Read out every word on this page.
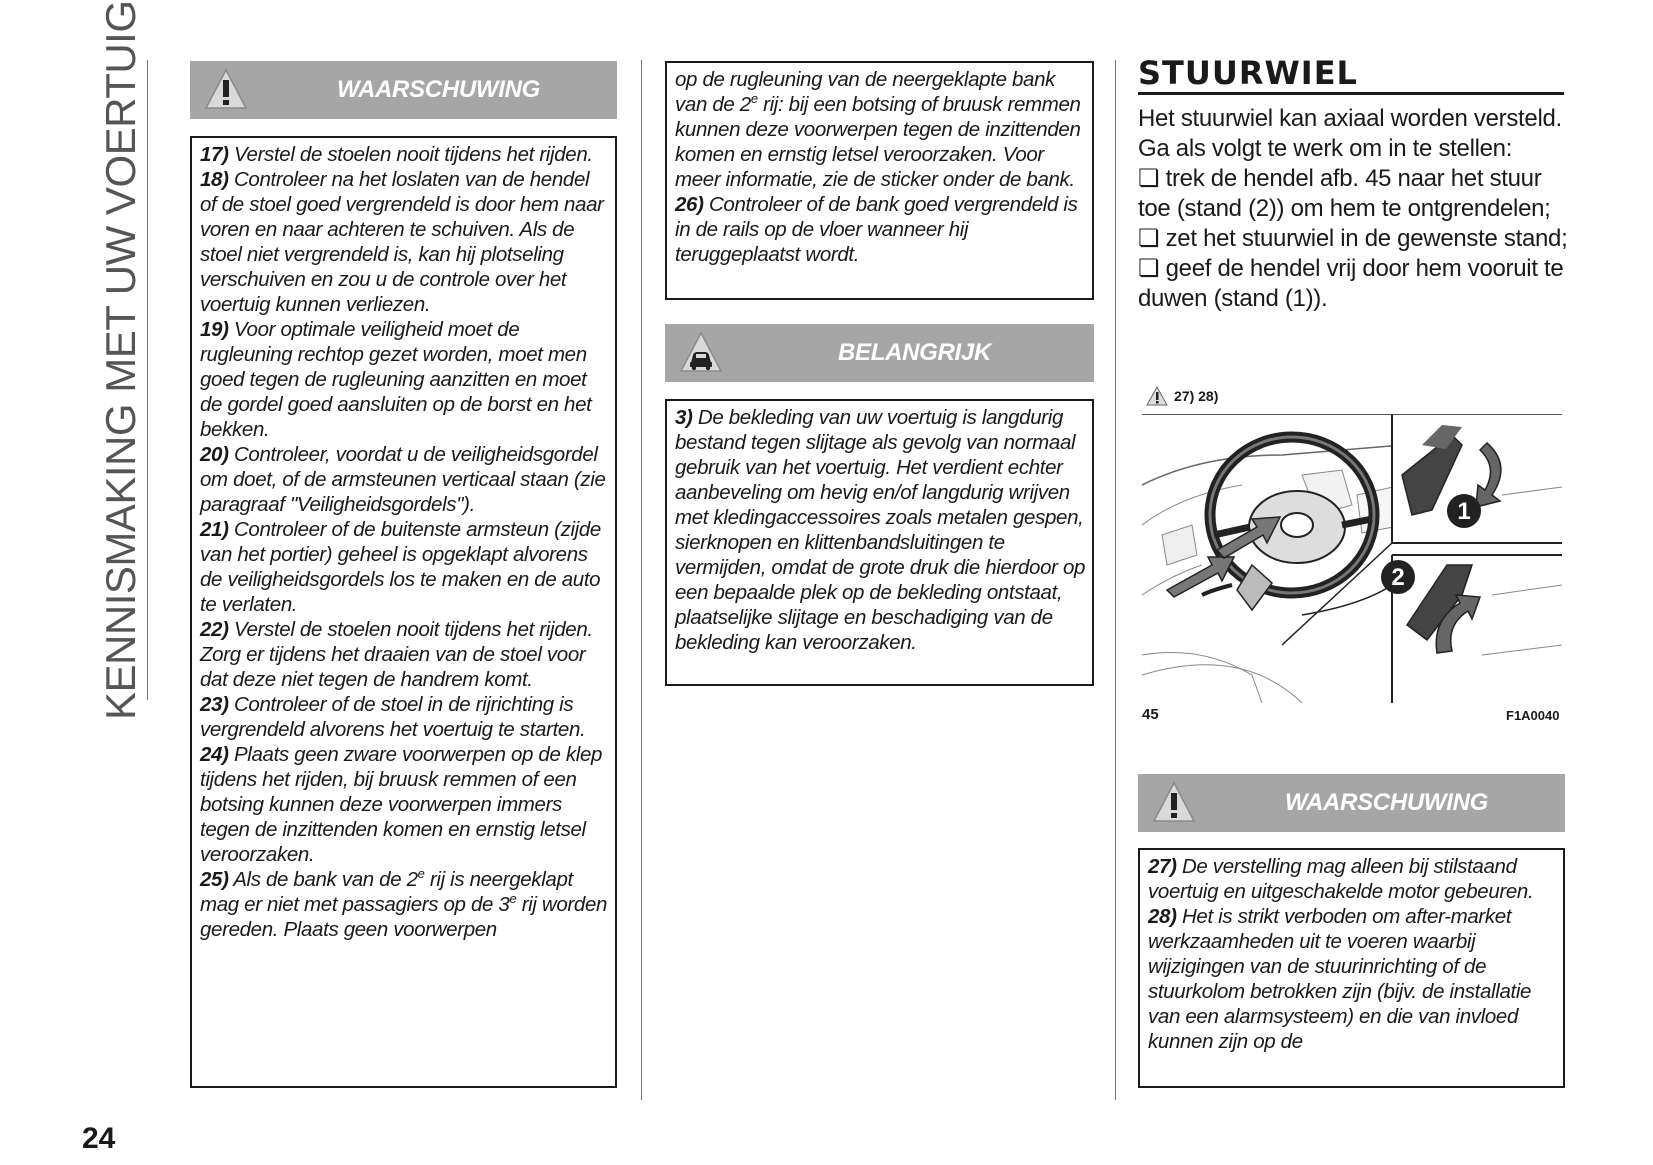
KENNISMAKING MET UW VOERTUIG	WAARSCHUWING

17) Verstel de stoelen nooit tijdens het rijden.

18) Controleer na het loslaten van de hendel of de stoel goed vergrendeld is door hem naar voren en naar achteren te schuiven. Als de stoel niet vergrendeld is, kan hij plotseling verschuiven en zou u de controle over het voertuig kunnen verliezen.

19) Voor optimale veiligheid moet de rugleuning rechtop gezet worden, moet men goed tegen de rugleuning aanzitten en moet de gordel goed aansluiten op de borst en het bekken.

20) Controleer, voordat u de veiligheidsgordel om doet, of de armsteunen verticaal staan (zie paragraaf "Veiligheidsgordels").

21) Controleer of de buitenste armsteun (zijde van het portier) geheel is opgeklapt alvorens de veiligheidsgordels los te maken en de auto te verlaten.

22) Verstel de stoelen nooit tijdens het rijden. Zorg er tijdens het draaien van de stoel voor dat deze niet tegen de handrem komt.

23) Controleer of de stoel in de rijrichting is vergrendeld alvorens het voertuig te starten.

24) Plaats geen zware voorwerpen op de klep tijdens het rijden, bij bruusk remmen of een botsing kunnen deze voorwerpen immers tegen de inzittenden komen en ernstig letsel veroorzaken.

25) Als de bank van de 2e rij is neergeklapt mag er niet met passagiers op de 3e rij worden gereden. Plaats geen voorwerpen

op de rugleuning van de neergeklapte bank van de 2e rij: bij een botsing of bruusk remmen kunnen deze voorwerpen tegen de inzittenden komen en ernstig letsel veroorzaken. Voor meer informatie, zie de sticker onder de bank.

26) Controleer of de bank goed vergrendeld is in de rails op de vloer wanneer hij teruggeplaatst wordt.

BELANGRIJK

3) De bekleding van uw voertuig is langdurig bestand tegen slijtage als gevolg van normaal gebruik van het voertuig. Het verdient echter aanbeveling om hevig en/of langdurig wrijven met kledingaccessoires zoals metalen gespen, sierknopen en klittenbandsluitingen te vermijden, omdat de grote druk die hierdoor op een bepaalde plek op de bekleding ontstaat, plaatselijke slijtage en beschadiging van de bekleding kan veroorzaken.

STUURWIEL

Het stuurwiel kan axiaal worden versteld.

Ga als volgt te werk om in te stellen:

❏ trek de hendel afb. 45 naar het stuur toe (stand (2)) om hem te ontgrendelen;

❏ zet het stuurwiel in de gewenste stand;

❏ geef de hendel vrij door hem vooruit te duwen (stand (1)).

27) 28)
1
2
45	F1A0040
WAARSCHUWING

27) De verstelling mag alleen bij stilstaand voertuig en uitgeschakelde motor gebeuren.

28) Het is strikt verboden om after-market werkzaamheden uit te voeren waarbij wijzigingen van de stuurinrichting of de stuurkolom betrokken zijn (bijv. de installatie van een alarmsysteem) en die van invloed kunnen zijn op de

24
